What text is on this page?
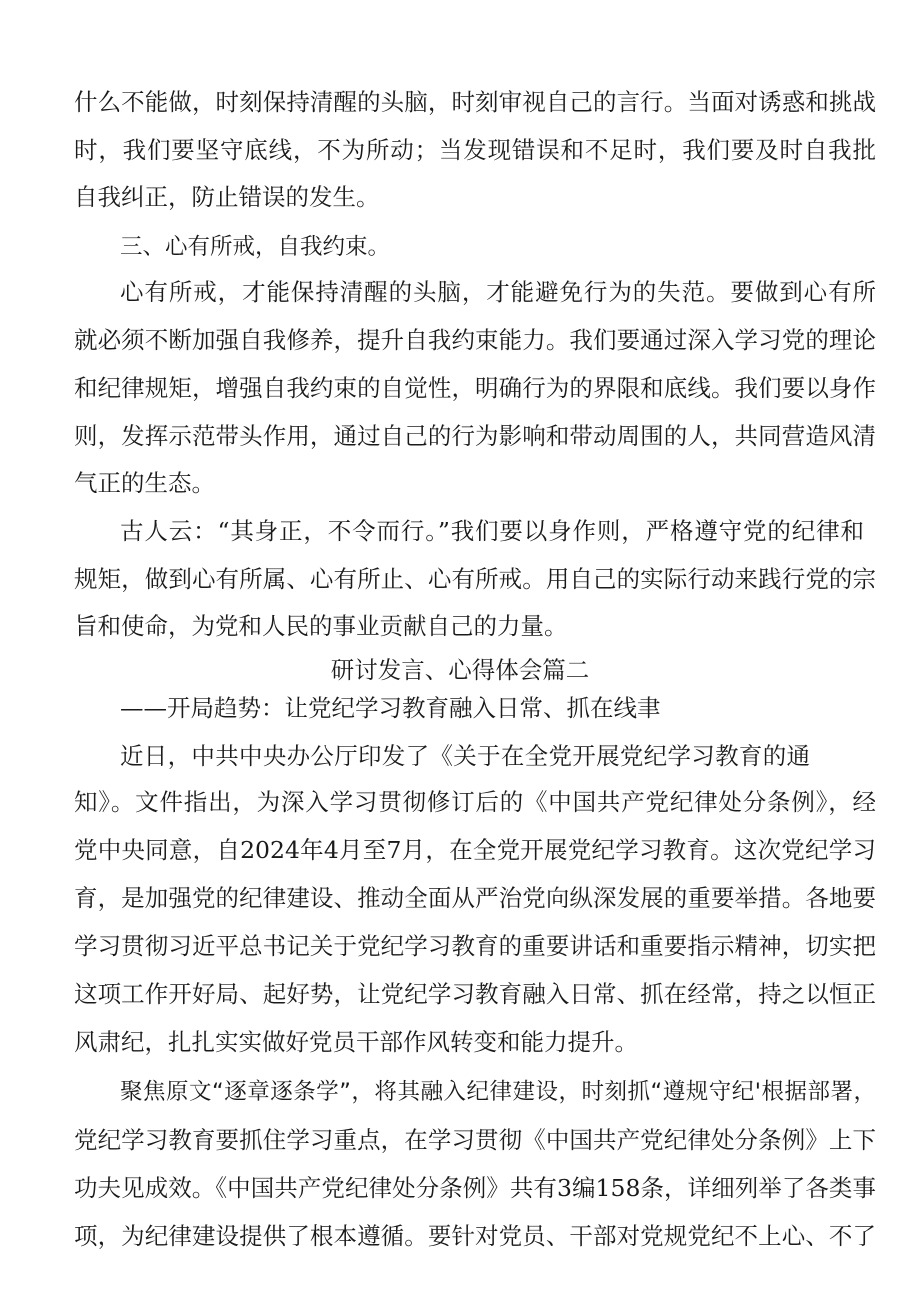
什么不能做，时刻保持清醒的头脑，时刻审视自己的言行。当面对诱惑和挑战
时，我们要坚守底线，不为所动；当发现错误和不足时，我们要及时自我批
自我纠正，防止错误的发生。
三、心有所戒，自我约束。
心有所戒，才能保持清醒的头脑，才能避免行为的失范。要做到心有所
就必须不断加强自我修养，提升自我约束能力。我们要通过深入学习党的理论
和纪律规矩，增强自我约束的自觉性，明确行为的界限和底线。我们要以身作
则，发挥示范带头作用，通过自己的行为影响和带动周围的人，共同营造风清
气正的生态。
古人云：“其身正，不令而行。”我们要以身作则，严格遵守党的纪律和
规矩，做到心有所属、心有所止、心有所戒。用自己的实际行动来践行党的宗
旨和使命，为党和人民的事业贡献自己的力量。
研讨发言、心得体会篇二
——开局趋势：让党纪学习教育融入日常、抓在线聿
近日，中共中央办公厅印发了《关于在全党开展党纪学习教育的通
知》。文件指出，为深入学习贯彻修订后的《中国共产党纪律处分条例》，经
党中央同意，自2024年4月至7月，在全党开展党纪学习教育。这次党纪学习
育，是加强党的纪律建设、推动全面从严治党向纵深发展的重要举措。各地要
学习贯彻习近平总书记关于党纪学习教育的重要讲话和重要指示精神，切实把
这项工作开好局、起好势，让党纪学习教育融入日常、抓在经常，持之以恒正
风肃纪，扎扎实实做好党员干部作风转变和能力提升。
聚焦原文“逐章逐条学”，将其融入纪律建设，时刻抓“遵规守纪'根据部署，
党纪学习教育要抓住学习重点，在学习贯彻《中国共产党纪律处分条例》上下
功夫见成效。《中国共产党纪律处分条例》共有3编158条，详细列举了各类事
项，为纪律建设提供了根本遵循。要针对党员、干部对党规党纪不上心、不了
